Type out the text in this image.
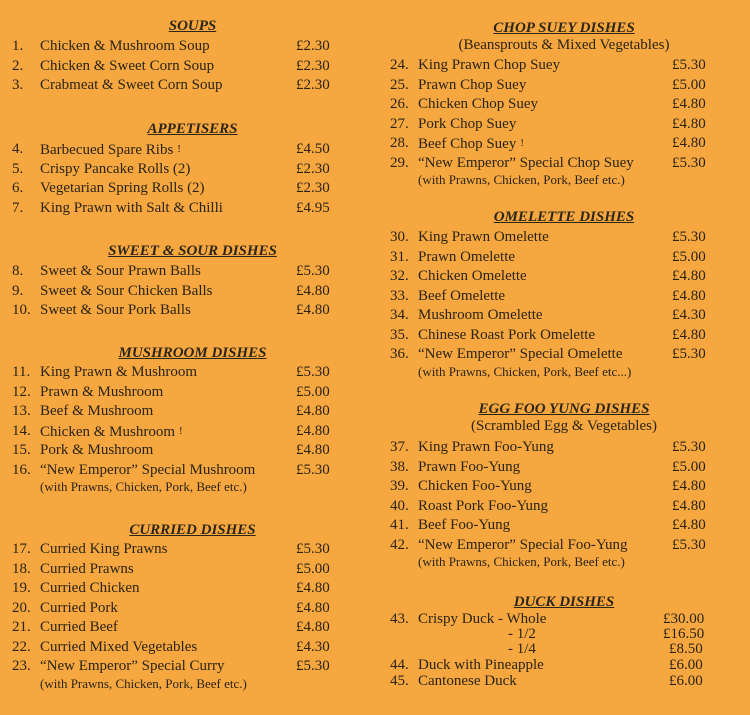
SOUPS
1. Chicken & Mushroom Soup	£2.30
2. Chicken & Sweet Corn Soup	£2.30
3. Crabmeat & Sweet Corn Soup	£2.30
APPETISERS
4. Barbecued Spare Ribs !	£4.50
5. Crispy Pancake Rolls (2)	£2.30
6. Vegetarian Spring Rolls (2)	£2.30
7. King Prawn with Salt & Chilli	£4.95
SWEET & SOUR DISHES
8. Sweet & Sour Prawn Balls	£5.30
9. Sweet & Sour Chicken Balls	£4.80
10. Sweet & Sour Pork Balls	£4.80
MUSHROOM DISHES
11. King Prawn & Mushroom	£5.30
12. Prawn & Mushroom	£5.00
13. Beef & Mushroom	£4.80
14. Chicken & Mushroom !	£4.80
15. Pork & Mushroom	£4.80
16. “New Emperor” Special Mushroom	£5.30
(with Prawns, Chicken, Pork, Beef etc.)
CURRIED DISHES
17. Curried King Prawns	£5.30
18. Curried Prawns	£5.00
19. Curried Chicken	£4.80
20. Curried Pork	£4.80
21. Curried Beef	£4.80
22. Curried Mixed Vegetables	£4.30
23. “New Emperor” Special Curry	£5.30
(with Prawns, Chicken, Pork, Beef etc.)
CHOP SUEY DISHES
(Beansprouts & Mixed Vegetables)
24. King Prawn Chop Suey	£5.30
25. Prawn Chop Suey	£5.00
26. Chicken Chop Suey	£4.80
27. Pork Chop Suey	£4.80
28. Beef Chop Suey !	£4.80
29. “New Emperor” Special Chop Suey	£5.30
(with Prawns, Chicken, Pork, Beef etc.)
OMELETTE DISHES
30. King Prawn Omelette	£5.30
31. Prawn Omelette	£5.00
32. Chicken Omelette	£4.80
33. Beef Omelette	£4.80
34. Mushroom Omelette	£4.30
35. Chinese Roast Pork Omelette	£4.80
36. “New Emperor” Special Omelette	£5.30
(with Prawns, Chicken, Pork, Beef etc...)
EGG FOO YUNG DISHES
(Scrambled Egg & Vegetables)
37. King Prawn Foo-Yung	£5.30
38. Prawn Foo-Yung	£5.00
39. Chicken Foo-Yung	£4.80
40. Roast Pork Foo-Yung	£4.80
41. Beef Foo-Yung	£4.80
42. “New Emperor” Special Foo-Yung	£5.30
(with Prawns, Chicken, Pork, Beef etc.)
DUCK DISHES
43. Crispy Duck - Whole	£30.00
- 1/2	£16.50
- 1/4	£8.50
44. Duck with Pineapple	£6.00
45. Cantonese Duck	£6.00
